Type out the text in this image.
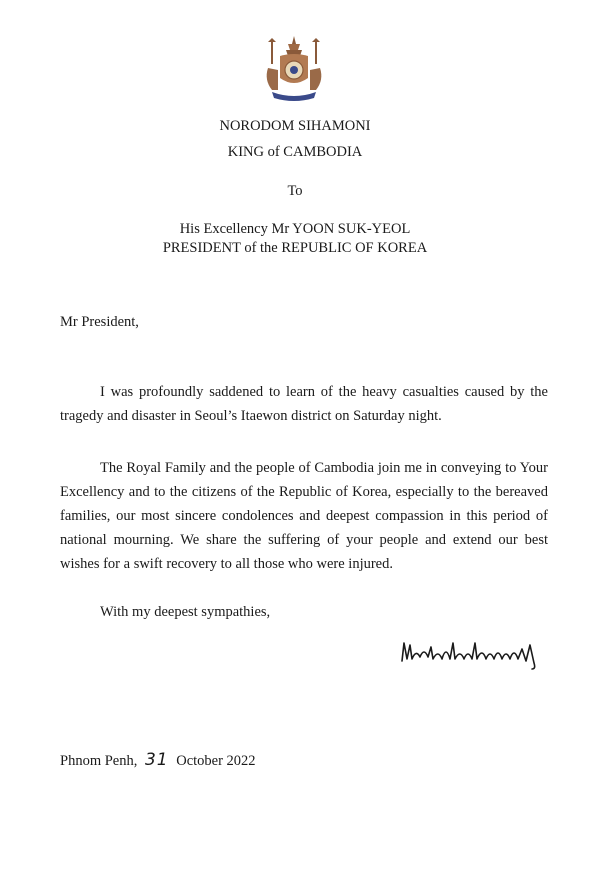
NORODOM SIHAMONI
KING of CAMBODIA
To
His Excellency Mr YOON SUK-YEOL
PRESIDENT of the REPUBLIC OF KOREA
Mr President,
I was profoundly saddened to learn of the heavy casualties caused by the tragedy and disaster in Seoul’s Itaewon district on Saturday night.
The Royal Family and the people of Cambodia join me in conveying to Your Excellency and to the citizens of the Republic of Korea, especially to the bereaved families, our most sincere condolences and deepest compassion in this period of national mourning. We share the suffering of your people and extend our best wishes for a swift recovery to all those who were injured.
With my deepest sympathies,
Phnom Penh, 31 October 2022
